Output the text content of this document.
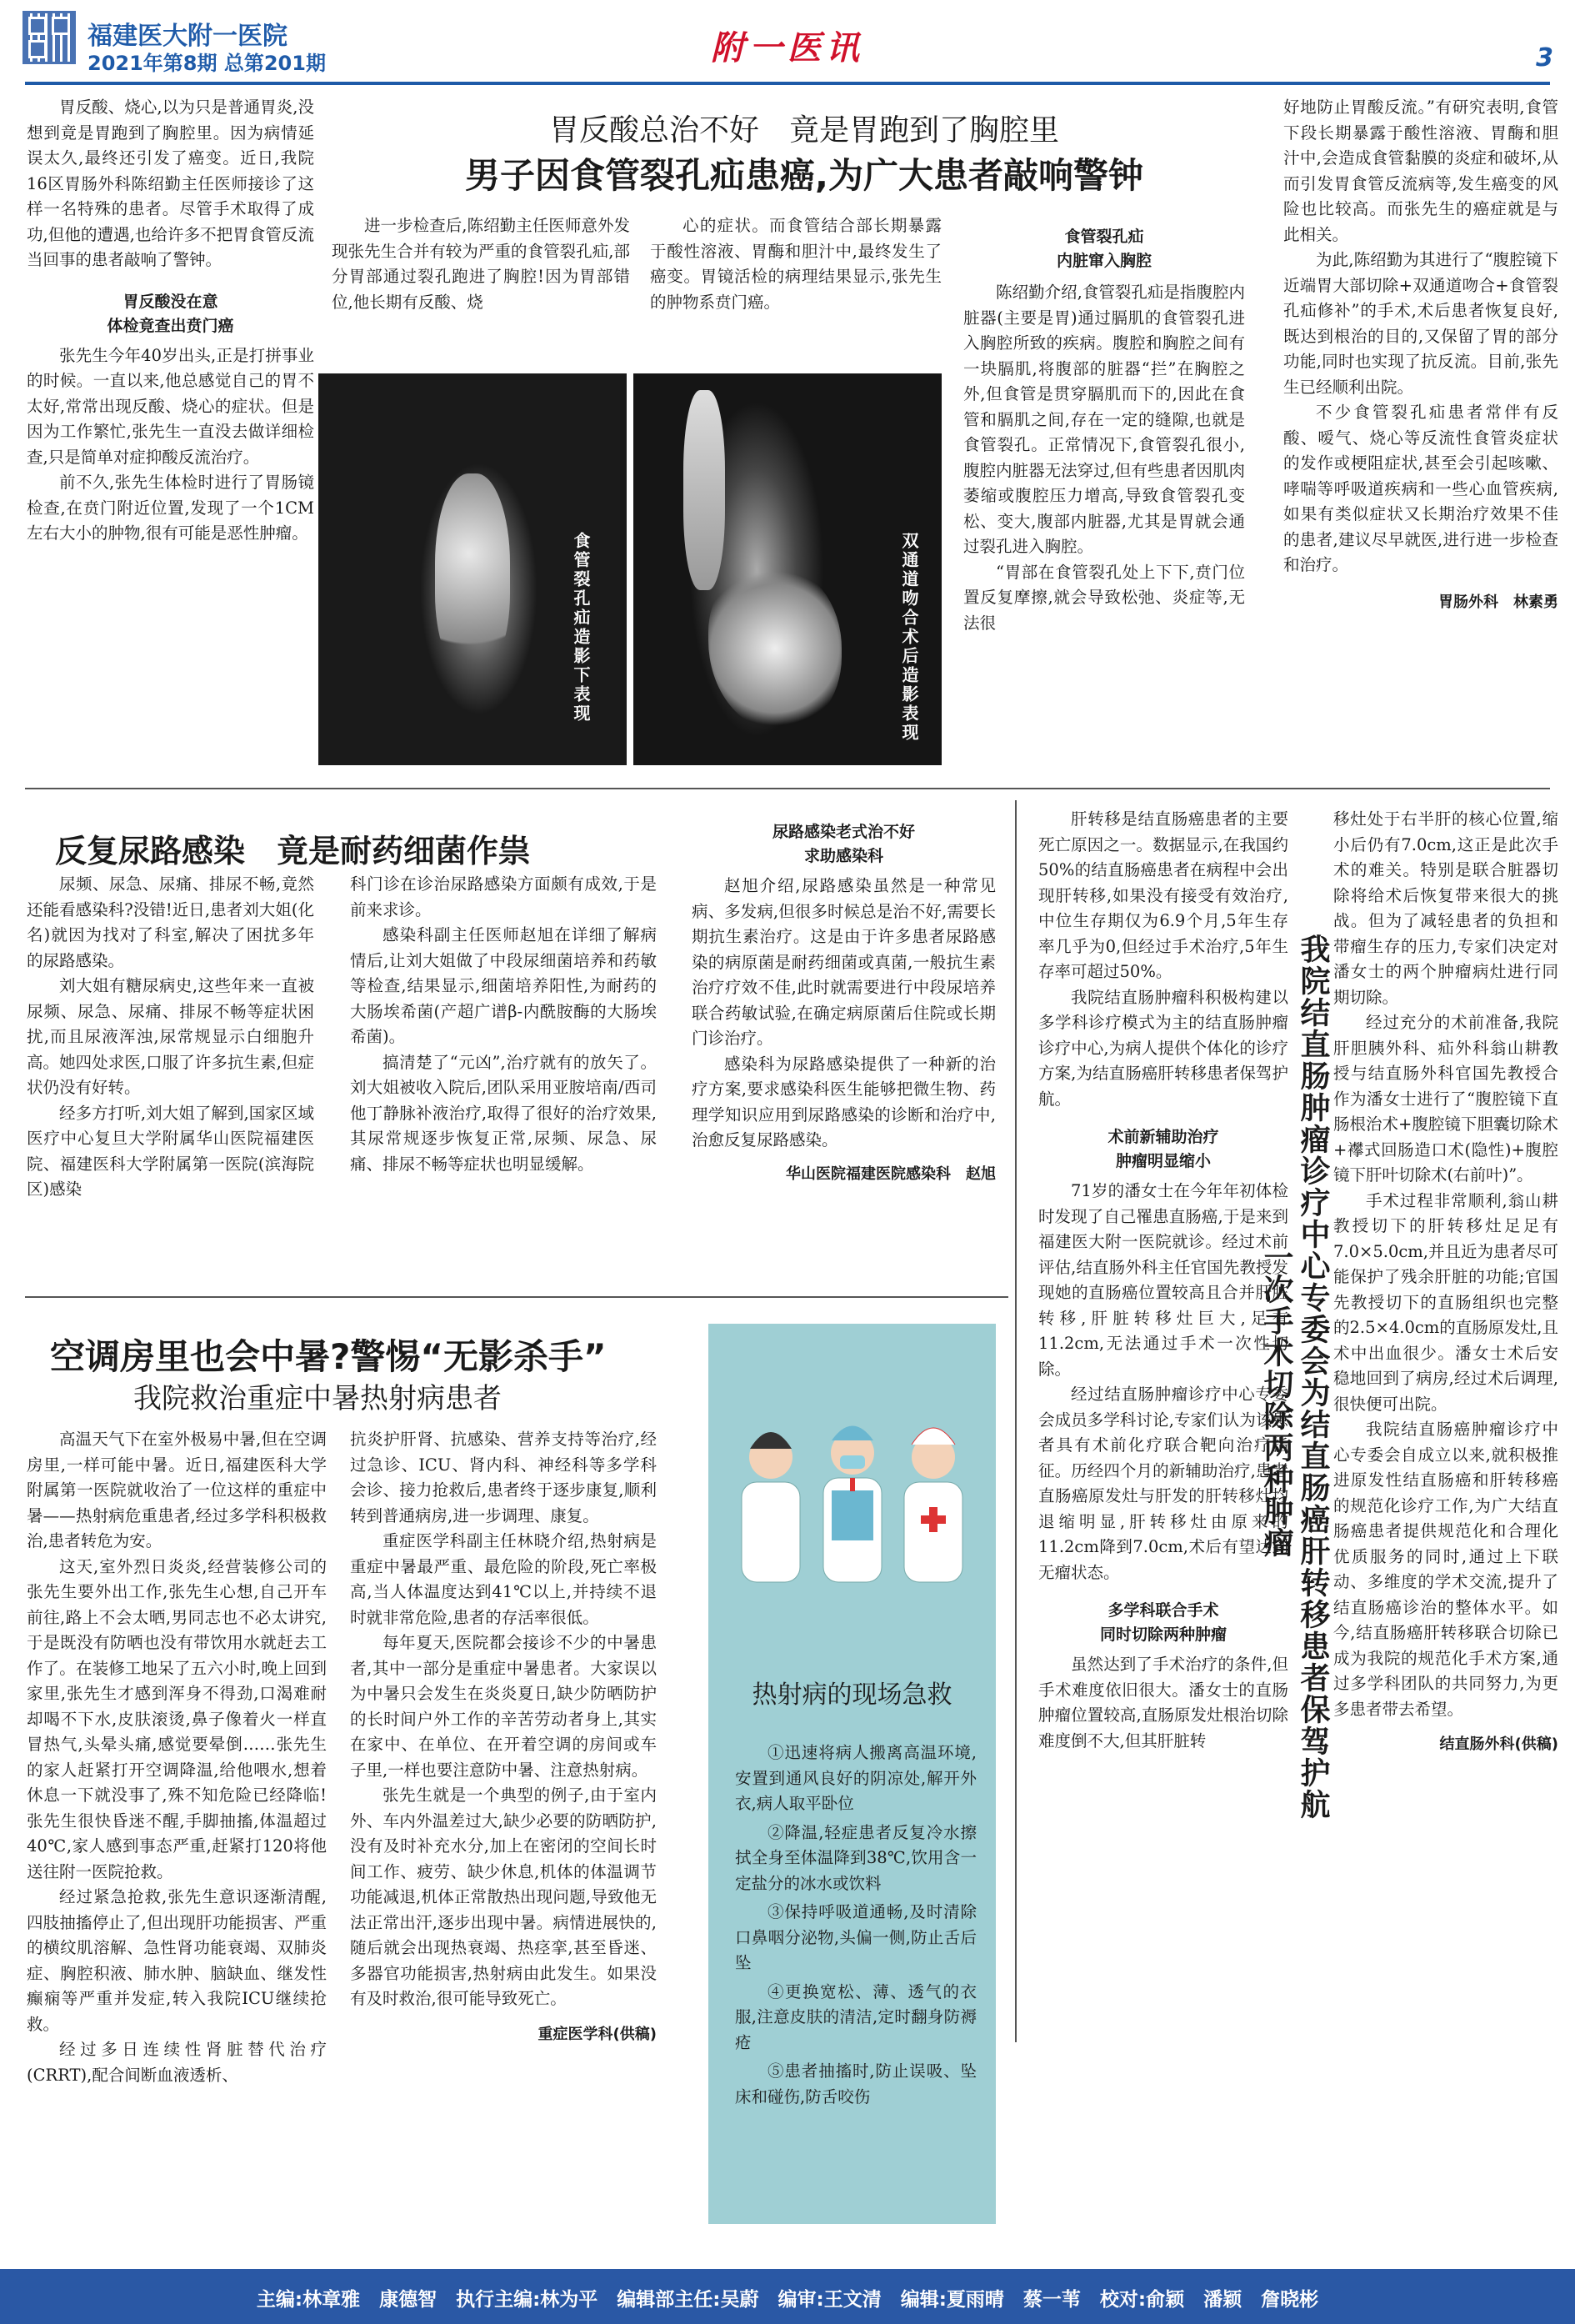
福建医大附一医院
2021年第8期 总第201期	附一医讯	3

胃反酸、烧心,以为只是普通胃炎,没想到竟是胃跑到了胸腔里。因为病情延误太久,最终还引发了癌变。近日,我院16区胃肠外科陈绍勤主任医师接诊了这样一名特殊的患者。尽管手术取得了成功,但他的遭遇,也给许多不把胃食管反流当回事的患者敲响了警钟。

胃反酸没在意
体检竟查出贲门癌

张先生今年40岁出头,正是打拼事业的时候。一直以来,他总感觉自己的胃不太好,常常出现反酸、烧心的症状。但是因为工作繁忙,张先生一直没去做详细检查,只是简单对症抑酸反流治疗。

前不久,张先生体检时进行了胃肠镜检查,在贲门附近位置,发现了一个1CM左右大小的肿物,很有可能是恶性肿瘤。

胃反酸总治不好　竟是胃跑到了胸腔里
男子因食管裂孔疝患癌,为广大患者敲响警钟

进一步检查后,陈绍勤主任医师意外发现张先生合并有较为严重的食管裂孔疝,部分胃部通过裂孔跑进了胸腔!因为胃部错位,他长期有反酸、烧

心的症状。而食管结合部长期暴露于酸性溶液、胃酶和胆汁中,最终发生了癌变。胃镜活检的病理结果显示,张先生的肿物系贲门癌。

食管裂孔疝造影下表现	双通道吻合术后造影表现
食管裂孔疝
内脏窜入胸腔

陈绍勤介绍,食管裂孔疝是指腹腔内脏器(主要是胃)通过膈肌的食管裂孔进入胸腔所致的疾病。腹腔和胸腔之间有一块膈肌,将腹部的脏器“拦”在胸腔之外,但食管是贯穿膈肌而下的,因此在食管和膈肌之间,存在一定的缝隙,也就是食管裂孔。正常情况下,食管裂孔很小,腹腔内脏器无法穿过,但有些患者因肌肉萎缩或腹腔压力增高,导致食管裂孔变松、变大,腹部内脏器,尤其是胃就会通过裂孔进入胸腔。

“胃部在食管裂孔处上下下,贲门位置反复摩擦,就会导致松弛、炎症等,无法很

好地防止胃酸反流。”有研究表明,食管下段长期暴露于酸性溶液、胃酶和胆汁中,会造成食管黏膜的炎症和破坏,从而引发胃食管反流病等,发生癌变的风险也比较高。而张先生的癌症就是与此相关。

为此,陈绍勤为其进行了“腹腔镜下近端胃大部切除+双通道吻合+食管裂孔疝修补”的手术,术后患者恢复良好,既达到根治的目的,又保留了胃的部分功能,同时也实现了抗反流。目前,张先生已经顺利出院。

不少食管裂孔疝患者常伴有反酸、嗳气、烧心等反流性食管炎症状的发作或梗阻症状,甚至会引起咳嗽、哮喘等呼吸道疾病和一些心血管疾病,如果有类似症状又长期治疗效果不佳的患者,建议尽早就医,进行进一步检查和治疗。

胃肠外科　林素勇
反复尿路感染　竟是耐药细菌作祟

尿频、尿急、尿痛、排尿不畅,竟然还能看感染科?没错!近日,患者刘大姐(化名)就因为找对了科室,解决了困扰多年的尿路感染。

刘大姐有糖尿病史,这些年来一直被尿频、尿急、尿痛、排尿不畅等症状困扰,而且尿液浑浊,尿常规显示白细胞升高。她四处求医,口服了许多抗生素,但症状仍没有好转。

经多方打听,刘大姐了解到,国家区域医疗中心复旦大学附属华山医院福建医院、福建医科大学附属第一医院(滨海院区)感染

科门诊在诊治尿路感染方面颇有成效,于是前来求诊。

感染科副主任医师赵旭在详细了解病情后,让刘大姐做了中段尿细菌培养和药敏等检查,结果显示,细菌培养阳性,为耐药的大肠埃希菌(产超广谱β-内酰胺酶的大肠埃希菌)。

搞清楚了“元凶”,治疗就有的放矢了。刘大姐被收入院后,团队采用亚胺培南/西司他丁静脉补液治疗,取得了很好的治疗效果,其尿常规逐步恢复正常,尿频、尿急、尿痛、排尿不畅等症状也明显缓解。

尿路感染老式治不好
求助感染科

赵旭介绍,尿路感染虽然是一种常见病、多发病,但很多时候总是治不好,需要长期抗生素治疗。这是由于许多患者尿路感染的病原菌是耐药细菌或真菌,一般抗生素治疗疗效不佳,此时就需要进行中段尿培养联合药敏试验,在确定病原菌后住院或长期门诊治疗。

感染科为尿路感染提供了一种新的治疗方案,要求感染科医生能够把微生物、药理学知识应用到尿路感染的诊断和治疗中,治愈反复尿路感染。

华山医院福建医院感染科　赵旭
空调房里也会中暑?警惕“无影杀手”
我院救治重症中暑热射病患者

高温天气下在室外极易中暑,但在空调房里,一样可能中暑。近日,福建医科大学附属第一医院就收治了一位这样的重症中暑——热射病危重患者,经过多学科积极救治,患者转危为安。

这天,室外烈日炎炎,经营装修公司的张先生要外出工作,张先生心想,自己开车前往,路上不会太晒,男同志也不必太讲究,于是既没有防晒也没有带饮用水就赶去工作了。在装修工地呆了五六小时,晚上回到家里,张先生才感到浑身不得劲,口渴难耐却喝不下水,皮肤滚烫,鼻子像着火一样直冒热气,头晕头痛,感觉要晕倒……张先生的家人赶紧打开空调降温,给他喂水,想着休息一下就没事了,殊不知危险已经降临!张先生很快昏迷不醒,手脚抽搐,体温超过40℃,家人感到事态严重,赶紧打120将他送往附一医院抢救。

经过紧急抢救,张先生意识逐渐清醒,四肢抽搐停止了,但出现肝功能损害、严重的横纹肌溶解、急性肾功能衰竭、双肺炎症、胸腔积液、肺水肿、脑缺血、继发性癫痫等严重并发症,转入我院ICU继续抢救。

经过多日连续性肾脏替代治疗(CRRT),配合间断血液透析、

抗炎护肝肾、抗感染、营养支持等治疗,经过急诊、ICU、肾内科、神经科等多学科会诊、接力抢救后,患者终于逐步康复,顺利转到普通病房,进一步调理、康复。

重症医学科副主任林晓介绍,热射病是重症中暑最严重、最危险的阶段,死亡率极高,当人体温度达到41℃以上,并持续不退时就非常危险,患者的存活率很低。

每年夏天,医院都会接诊不少的中暑患者,其中一部分是重症中暑患者。大家误以为中暑只会发生在炎炎夏日,缺少防晒防护的长时间户外工作的辛苦劳动者身上,其实在家中、在单位、在开着空调的房间或车子里,一样也要注意防中暑、注意热射病。

张先生就是一个典型的例子,由于室内外、车内外温差过大,缺少必要的防晒防护,没有及时补充水分,加上在密闭的空间长时间工作、疲劳、缺少休息,机体的体温调节功能减退,机体正常散热出现问题,导致他无法正常出汗,逐步出现中暑。病情进展快的,随后就会出现热衰竭、热痉挛,甚至昏迷、多器官功能损害,热射病由此发生。如果没有及时救治,很可能导致死亡。

重症医学科(供稿)
热射病的现场急救

①迅速将病人搬离高温环境,安置到通风良好的阴凉处,解开外衣,病人取平卧位

②降温,轻症患者反复冷水擦拭全身至体温降到38℃,饮用含一定盐分的冰水或饮料

③保持呼吸道通畅,及时清除口鼻咽分泌物,头偏一侧,防止舌后坠

④更换宽松、薄、透气的衣服,注意皮肤的清洁,定时翻身防褥疮

⑤患者抽搐时,防止误吸、坠床和碰伤,防舌咬伤

肝转移是结直肠癌患者的主要死亡原因之一。数据显示,在我国约50%的结直肠癌患者在病程中会出现肝转移,如果没有接受有效治疗,中位生存期仅为6.9个月,5年生存率几乎为0,但经过手术治疗,5年生存率可超过50%。

我院结直肠肿瘤科积极构建以多学科诊疗模式为主的结直肠肿瘤诊疗中心,为病人提供个体化的诊疗方案,为结直肠癌肝转移患者保驾护航。

术前新辅助治疗
肿瘤明显缩小

71岁的潘女士在今年年初体检时发现了自己罹患直肠癌,于是来到福建医大附一医院就诊。经过术前评估,结直肠外科主任官国先教授发现她的直肠癌位置较高且合并肝脏转移,肝脏转移灶巨大,足有11.2cm,无法通过手术一次性切除。

经过结直肠肿瘤诊疗中心专委会成员多学科讨论,专家们认为该患者具有术前化疗联合靶向治疗指征。历经四个月的新辅助治疗,患者直肠癌原发灶与肝发的肝转移灶均退缩明显,肝转移灶由原来的11.2cm降到7.0cm,术后有望达到无瘤状态。

多学科联合手术
同时切除两种肿瘤

虽然达到了手术治疗的条件,但手术难度依旧很大。潘女士的直肠肿瘤位置较高,直肠原发灶根治切除难度倒不大,但其肝脏转	我院结直肠肿瘤诊疗中心专委会为结直肠癌肝转移患者保驾护航
一次手术切除两种肿瘤

移灶处于右半肝的核心位置,缩小后仍有7.0cm,这正是此次手术的难关。特别是联合脏器切除将给术后恢复带来很大的挑战。但为了减轻患者的负担和带瘤生存的压力,专家们决定对潘女士的两个肿瘤病灶进行同期切除。

经过充分的术前准备,我院肝胆胰外科、疝外科翁山耕教授与结直肠外科官国先教授合作为潘女士进行了“腹腔镜下直肠根治术+腹腔镜下胆囊切除术+襻式回肠造口术(隐性)+腹腔镜下肝叶切除术(右前叶)”。

手术过程非常顺利,翁山耕教授切下的肝转移灶足足有7.0×5.0cm,并且近为患者尽可能保护了残余肝脏的功能;官国先教授切下的直肠组织也完整的2.5×4.0cm的直肠原发灶,且术中出血很少。潘女士术后安稳地回到了病房,经过术后调理,很快便可出院。

我院结直肠癌肿瘤诊疗中心专委会自成立以来,就积极推进原发性结直肠癌和肝转移癌的规范化诊疗工作,为广大结直肠癌患者提供规范化和合理化优质服务的同时,通过上下联动、多维度的学术交流,提升了结直肠癌诊治的整体水平。如今,结直肠癌肝转移联合切除已成为我院的规范化手术方案,通过多学科团队的共同努力,为更多患者带去希望。

结直肠外科(供稿)
主编:林章雅　康德智　执行主编:林为平　编辑部主任:吴蔚　编审:王文清　编辑:夏雨晴　蔡一苇　校对:俞颖　潘颖　詹晓彬
